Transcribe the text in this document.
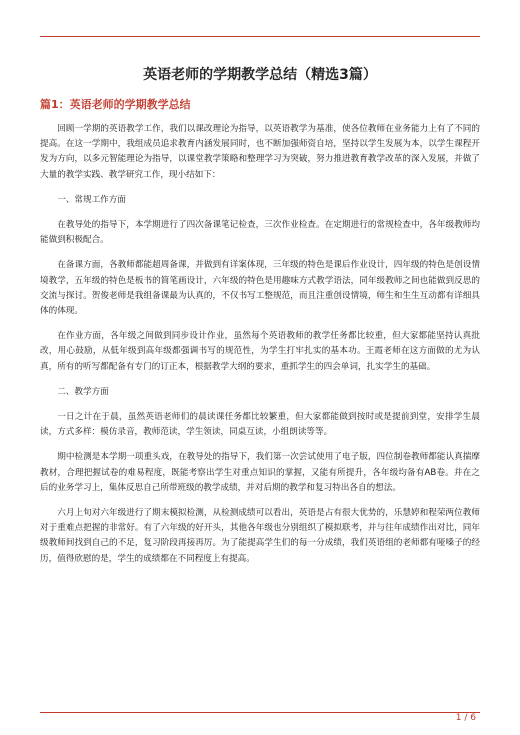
英语老师的学期教学总结（精选3篇）
篇1：英语老师的学期教学总结

回顾一学期的英语教学工作，我们以课改理论为指导，以英语教学为基准，使各位教师在业务能力上有了不同的提高。在这一学期中，我组成员追求教育内涵发展同时，也不断加强师资自培，坚持以学生发展为本，以学生课程开发为方向，以多元智能理论为指导，以课堂教学策略和整理学习为突破，努力推进教育教学改革的深入发展，并做了大量的教学实践、教学研究工作，现小结如下：

一、常规工作方面

在教导处的指导下，本学期进行了四次备课笔记检查，三次作业检查。在定期进行的常规检查中，各年级教师均能做到积极配合。

在备课方面，各教师都能超周备课，并做到有详案体现，三年级的特色是课后作业设计，四年级的特色是创设情境教学，五年级的特色是板书的简笔画设计，六年级的特色是用趣味方式教学语法，同年级教师之间也能做到反思的交流与探讨。贺俊老师是我组备课最为认真的，不仅书写工整规范，而且注重创设情境，师生和生生互动都有详细具体的体现。

在作业方面，各年级之间做到同步设计作业，虽然每个英语教师的教学任务都比较重，但大家都能坚持认真批改，用心鼓励，从低年级到高年级都强调书写的规范性，为学生打牢扎实的基本功。王霞老师在这方面做的尤为认真，所有的听写都配备有专门的订正本，根据教学大纲的要求，重抓学生的四会单词，扎实学生的基础。

二、教学方面

一日之计在于晨，虽然英语老师们的晨读课任务都比较繁重，但大家都能做到按时或是提前到堂，安排学生晨读，方式多样：模仿录音，教师范读，学生领读，同桌互读，小组朗读等等。

期中检测是本学期一项重头戏，在教导处的指导下，我们第一次尝试使用了电子版，四位制卷教师都能认真揣摩教材，合理把握试卷的难易程度，既能考察出学生对重点知识的掌握，又能有所提升，各年级均备有AB卷。并在之后的业务学习上，集体反思自己所带班级的教学成绩，并对后期的教学和复习特出各自的想法。

六月上旬对六年级进行了期末模拟检测，从检测成绩可以看出，英语是占有很大优势的，乐慧婷和程荣两位教师对于重难点把握的非常好。有了六年级的好开头，其他各年级也分别组织了模拟联考，并与往年成绩作出对比，同年级教师间找到自己的不足，复习阶段再接再厉。为了能提高学生们的每一分成绩，我们英语组的老师都有哑嗓子的经历，值得欣慰的是，学生的成绩都在不同程度上有提高。

1 / 6
